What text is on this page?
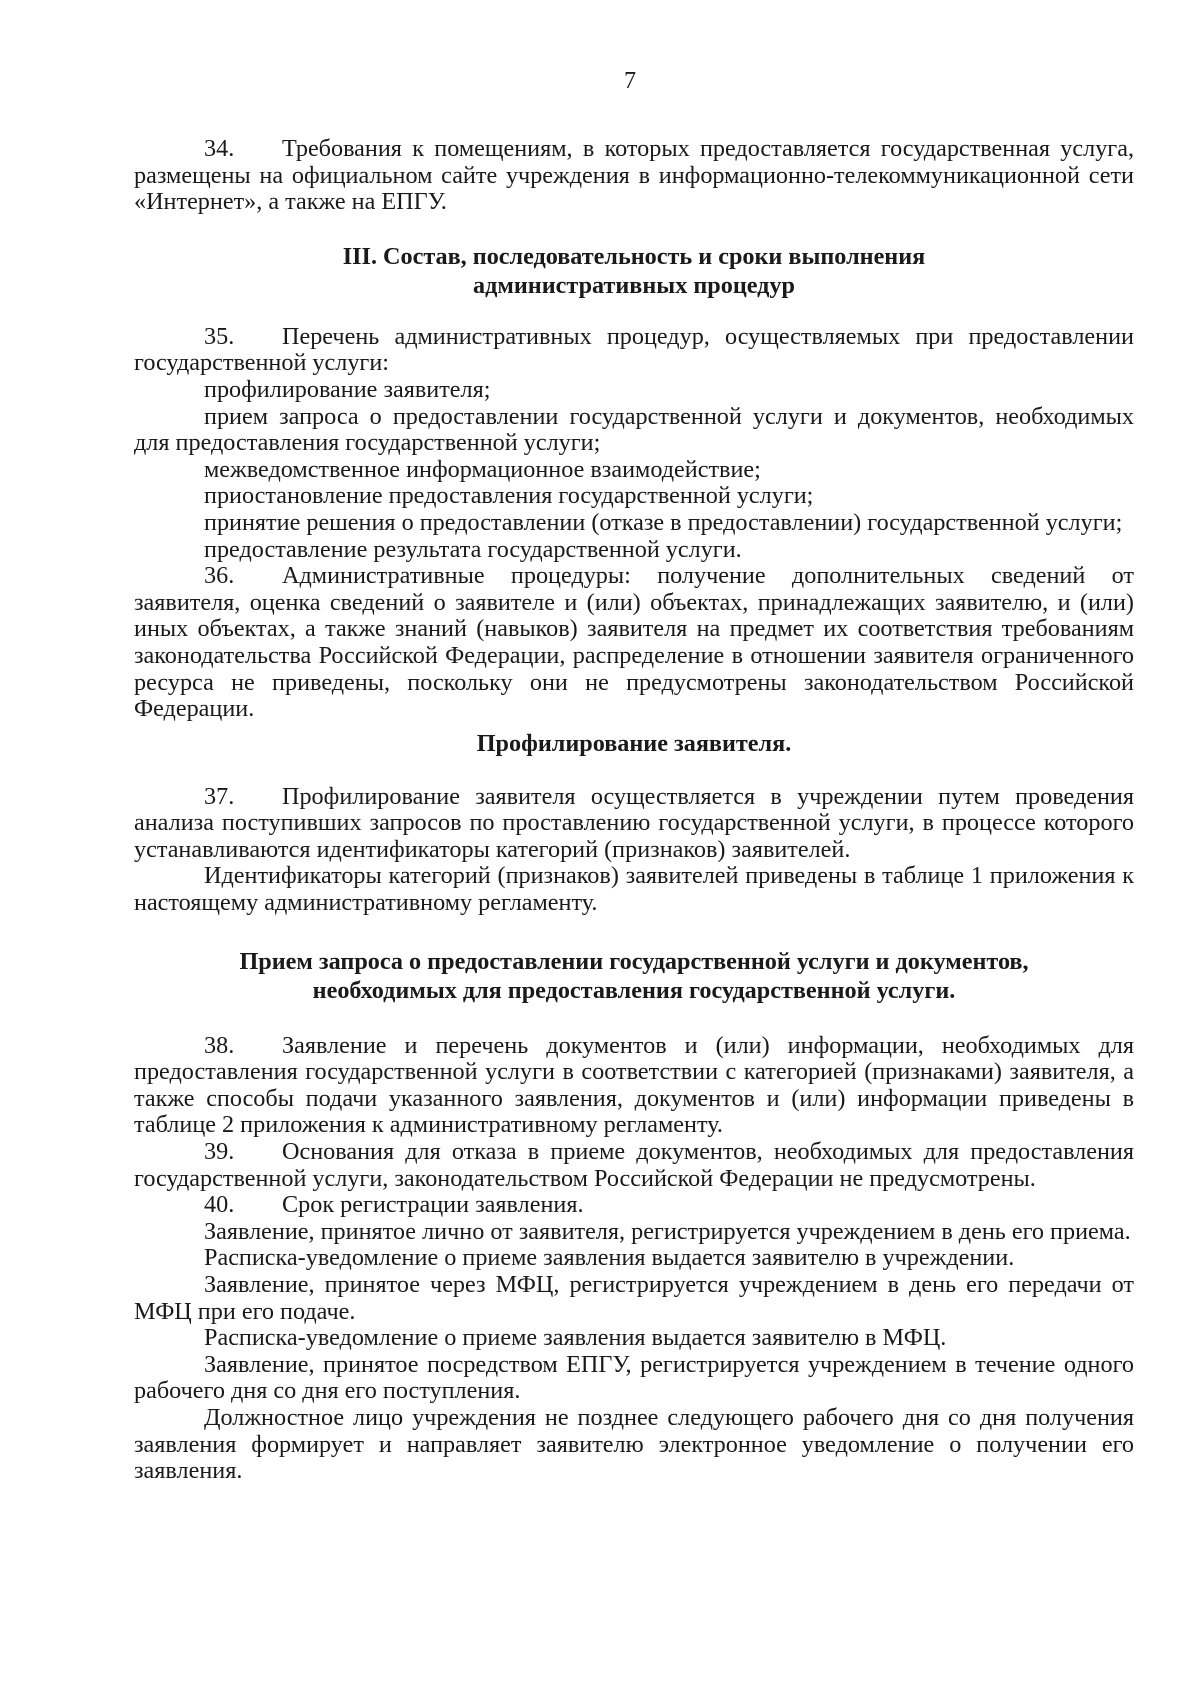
7

34. Требования к помещениям, в которых предоставляется государственная услуга, размещены на официальном сайте учреждения в информационно-телекоммуникационной сети «Интернет», а также на ЕПГУ.

III. Состав, последовательность и сроки выполнения
административных процедур

35. Перечень административных процедур, осуществляемых при предоставлении государственной услуги:

профилирование заявителя;

прием запроса о предоставлении государственной услуги и документов, необходимых для предоставления государственной услуги;

межведомственное информационное взаимодействие;

приостановление предоставления государственной услуги;

принятие решения о предоставлении (отказе в предоставлении) государственной услуги;

предоставление результата государственной услуги.

36. Административные процедуры: получение дополнительных сведений от заявителя, оценка сведений о заявителе и (или) объектах, принадлежащих заявителю, и (или) иных объектах, а также знаний (навыков) заявителя на предмет их соответствия требованиям законодательства Российской Федерации, распределение в отношении заявителя ограниченного ресурса не приведены, поскольку они не предусмотрены законодательством Российской Федерации.

Профилирование заявителя.

37. Профилирование заявителя осуществляется в учреждении путем проведения анализа поступивших запросов по проставлению государственной услуги, в процессе которого устанавливаются идентификаторы категорий (признаков) заявителей.

Идентификаторы категорий (признаков) заявителей приведены в таблице 1 приложения к настоящему административному регламенту.

Прием запроса о предоставлении государственной услуги и документов,
необходимых для предоставления государственной услуги.

38. Заявление и перечень документов и (или) информации, необходимых для предоставления государственной услуги в соответствии с категорией (признаками) заявителя, а также способы подачи указанного заявления, документов и (или) информации приведены в таблице 2 приложения к административному регламенту.

39. Основания для отказа в приеме документов, необходимых для предоставления государственной услуги, законодательством Российской Федерации не предусмотрены.

40. Срок регистрации заявления.

Заявление, принятое лично от заявителя, регистрируется учреждением в день его приема.

Расписка-уведомление о приеме заявления выдается заявителю в учреждении.

Заявление, принятое через МФЦ, регистрируется учреждением в день его передачи от МФЦ при его подаче.

Расписка-уведомление о приеме заявления выдается заявителю в МФЦ.

Заявление, принятое посредством ЕПГУ, регистрируется учреждением в течение одного рабочего дня со дня его поступления.

Должностное лицо учреждения не позднее следующего рабочего дня со дня получения заявления формирует и направляет заявителю электронное уведомление о получении его заявления.
